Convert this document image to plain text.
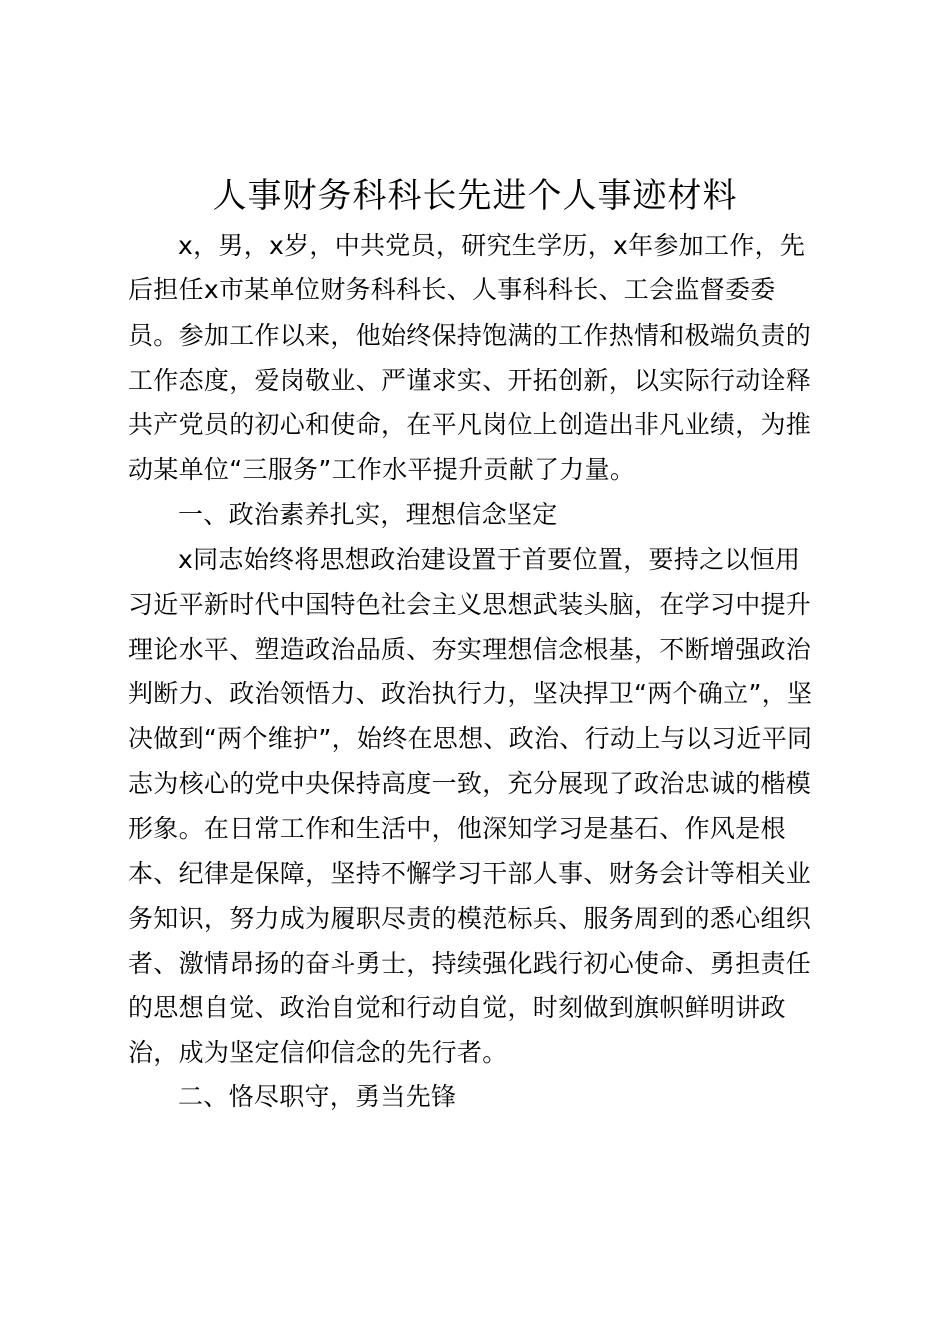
人事财务科科长先进个人事迹材料
x，男，x岁，中共党员，研究生学历，x年参加工作，先
后担任x市某单位财务科科长、人事科科长、工会监督委委
员。参加工作以来，他始终保持饱满的工作热情和极端负责的
工作态度，爱岗敬业、严谨求实、开拓创新，以实际行动诠释
共产党员的初心和使命，在平凡岗位上创造出非凡业绩，为推
动某单位“三服务”工作水平提升贡献了力量。
一、政治素养扎实，理想信念坚定
x同志始终将思想政治建设置于首要位置，要持之以恒用
习近平新时代中国特色社会主义思想武装头脑，在学习中提升
理论水平、塑造政治品质、夯实理想信念根基，不断增强政治
判断力、政治领悟力、政治执行力，坚决捍卫“两个确立”，坚
决做到“两个维护”，始终在思想、政治、行动上与以习近平同
志为核心的党中央保持高度一致，充分展现了政治忠诚的楷模
形象。在日常工作和生活中，他深知学习是基石、作风是根
本、纪律是保障，坚持不懈学习干部人事、财务会计等相关业
务知识，努力成为履职尽责的模范标兵、服务周到的悉心组织
者、激情昂扬的奋斗勇士，持续强化践行初心使命、勇担责任
的思想自觉、政治自觉和行动自觉，时刻做到旗帜鲜明讲政
治，成为坚定信仰信念的先行者。
二、恪尽职守，勇当先锋
